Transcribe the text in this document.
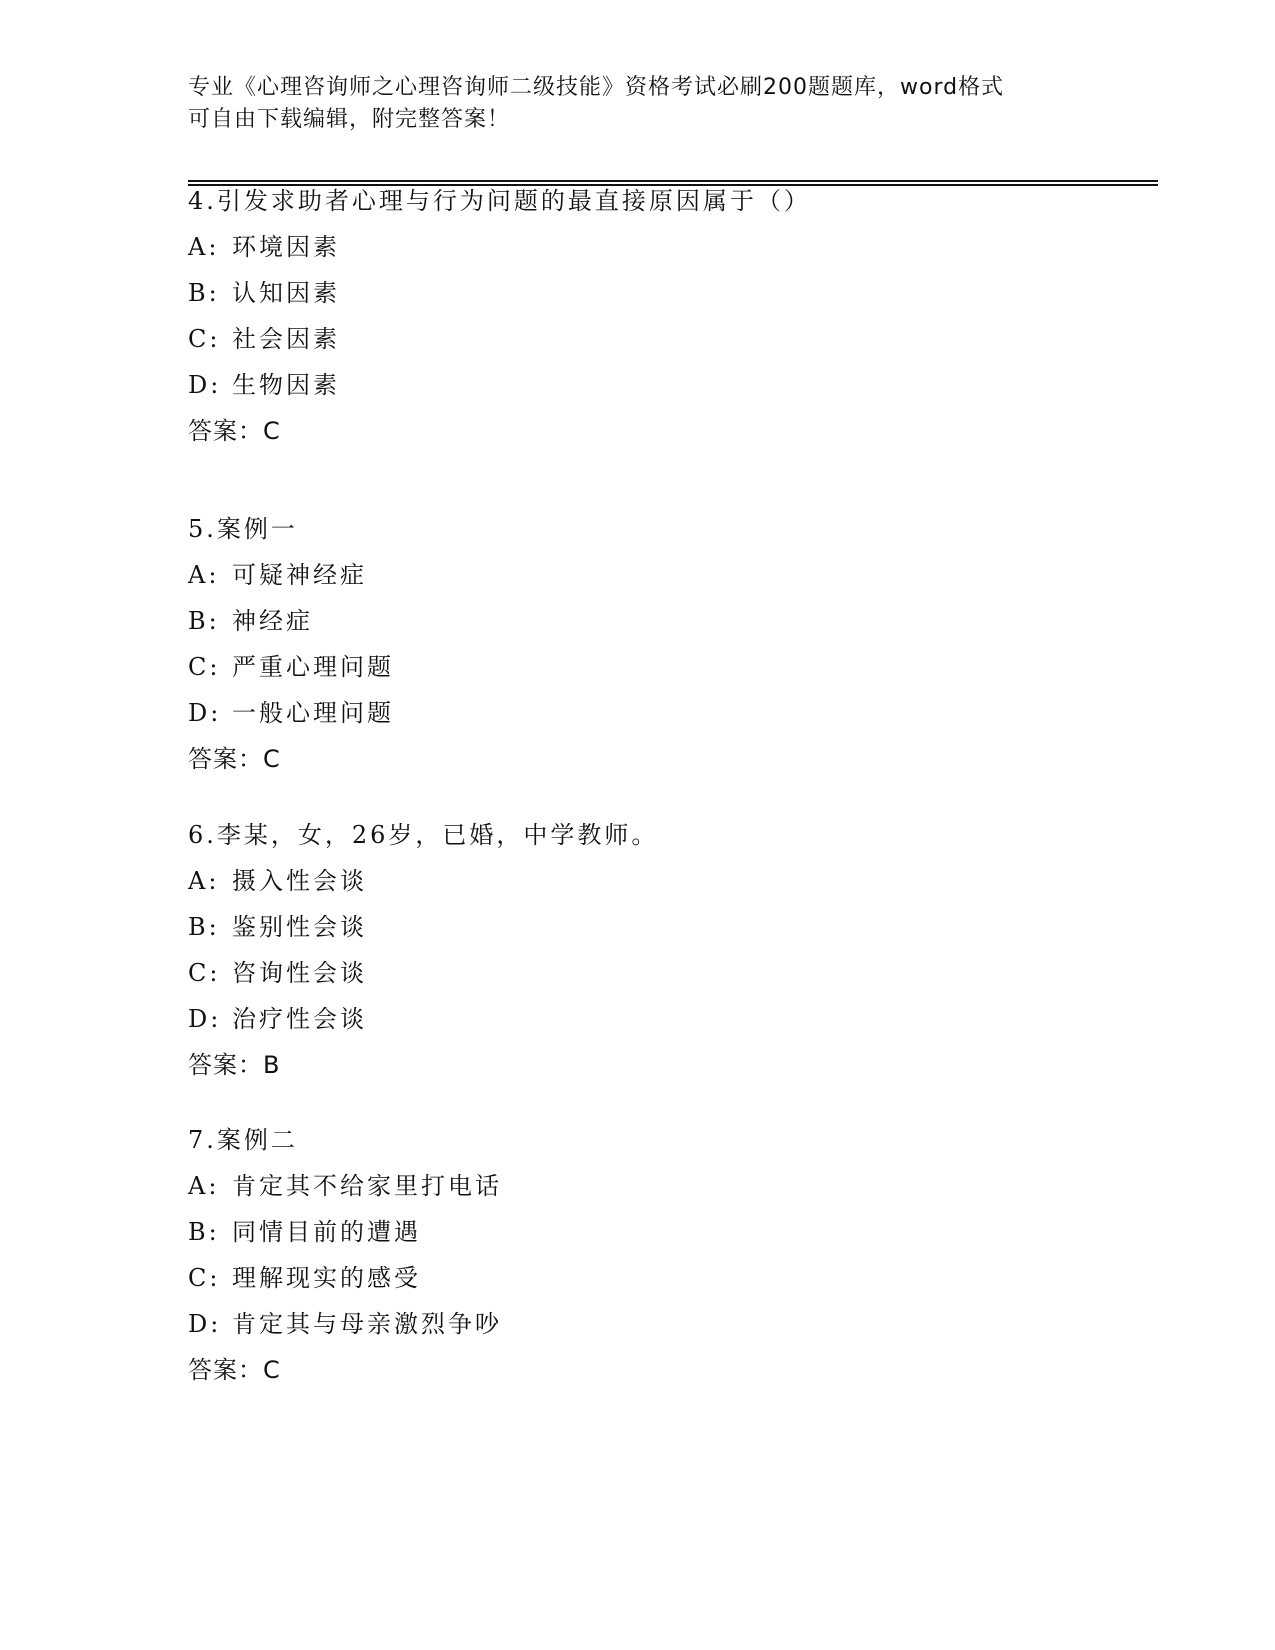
专业《心理咨询师之心理咨询师二级技能》资格考试必刷200题题库，word格式
可自由下载编辑，附完整答案！
4.引发求助者心理与行为问题的最直接原因属于（）
A: 环境因素
B: 认知因素
C: 社会因素
D: 生物因素
答案：C
5.案例一
A: 可疑神经症
B: 神经症
C: 严重心理问题
D: 一般心理问题
答案：C
6.李某，女，26岁，已婚，中学教师。
A: 摄入性会谈
B: 鉴别性会谈
C: 咨询性会谈
D: 治疗性会谈
答案：B
7.案例二
A: 肯定其不给家里打电话
B: 同情目前的遭遇
C: 理解现实的感受
D: 肯定其与母亲激烈争吵
答案：C
